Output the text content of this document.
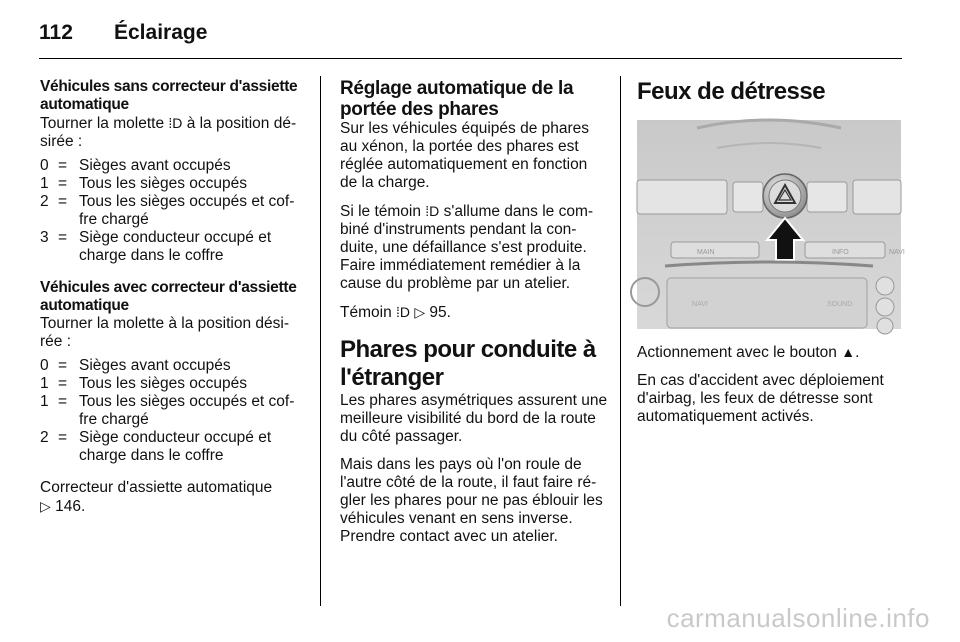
112	Éclairage
Véhicules sans correcteur d'assiette automatique

Tourner la molette ⁞D à la position dé-sirée :

0 = Sièges avant occupés
1 = Tous les sièges occupés
2 = Tous les sièges occupés et cof-fre chargé
3 = Siège conducteur occupé et charge dans le coffre
Véhicules avec correcteur d'assiette automatique

Tourner la molette à la position dési-rée :

0 = Sièges avant occupés
1 = Tous les sièges occupés
1 = Tous les sièges occupés et cof-fre chargé
2 = Siège conducteur occupé et charge dans le coffre

Correcteur d'assiette automatique
▷ 146.

Réglage automatique de la portée des phares

Sur les véhicules équipés de phares au xénon, la portée des phares est réglée automatiquement en fonction de la charge.

Si le témoin ⁞D s'allume dans le com-biné d'instruments pendant la con-duite, une défaillance s'est produite. Faire immédiatement remédier à la cause du problème par un atelier.

Témoin ⁞D ▷ 95.

Phares pour conduite à l'étranger

Les phares asymétriques assurent une meilleure visibilité du bord de la route du côté passager.

Mais dans les pays où l'on roule de l'autre côté de la route, il faut faire ré-gler les phares pour ne pas éblouir les véhicules venant en sens inverse. Prendre contact avec un atelier.

Feux de détresse
MAIN	INFO	NAVI
NAVI	SOUND

Actionnement avec le bouton ▲.

En cas d'accident avec déploiement d'airbag, les feux de détresse sont automatiquement activés.

carmanualsonline.info
